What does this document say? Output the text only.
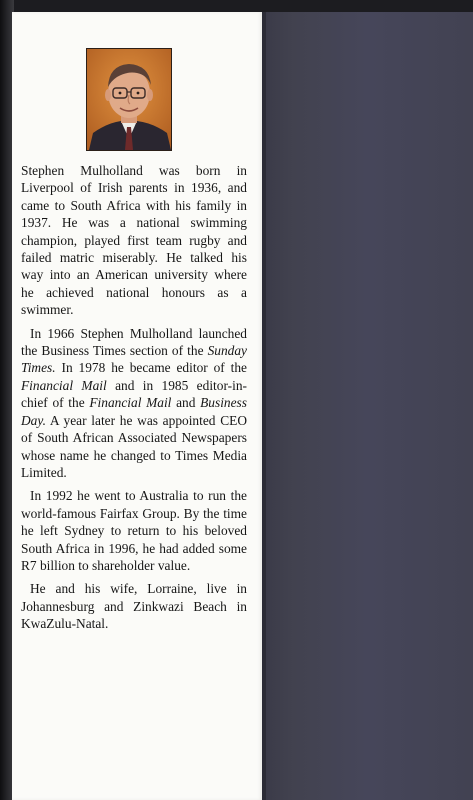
Stephen Mulholland was born in Liverpool of Irish parents in 1936, and came to South Africa with his family in 1937. He was a national swimming champion, played first team rugby and failed matric miserably. He talked his way into an American university where he achieved national honours as a swimmer.

In 1966 Stephen Mulholland launched the Business Times section of the Sunday Times. In 1978 he became editor of the Financial Mail and in 1985 editor-in-chief of the Financial Mail and Business Day. A year later he was appointed CEO of South African Associated Newspapers whose name he changed to Times Media Limited.

In 1992 he went to Australia to run the world-famous Fairfax Group. By the time he left Sydney to return to his beloved South Africa in 1996, he had added some R7 billion to shareholder value.

He and his wife, Lorraine, live in Johannesburg and Zinkwazi Beach in KwaZulu-Natal.
